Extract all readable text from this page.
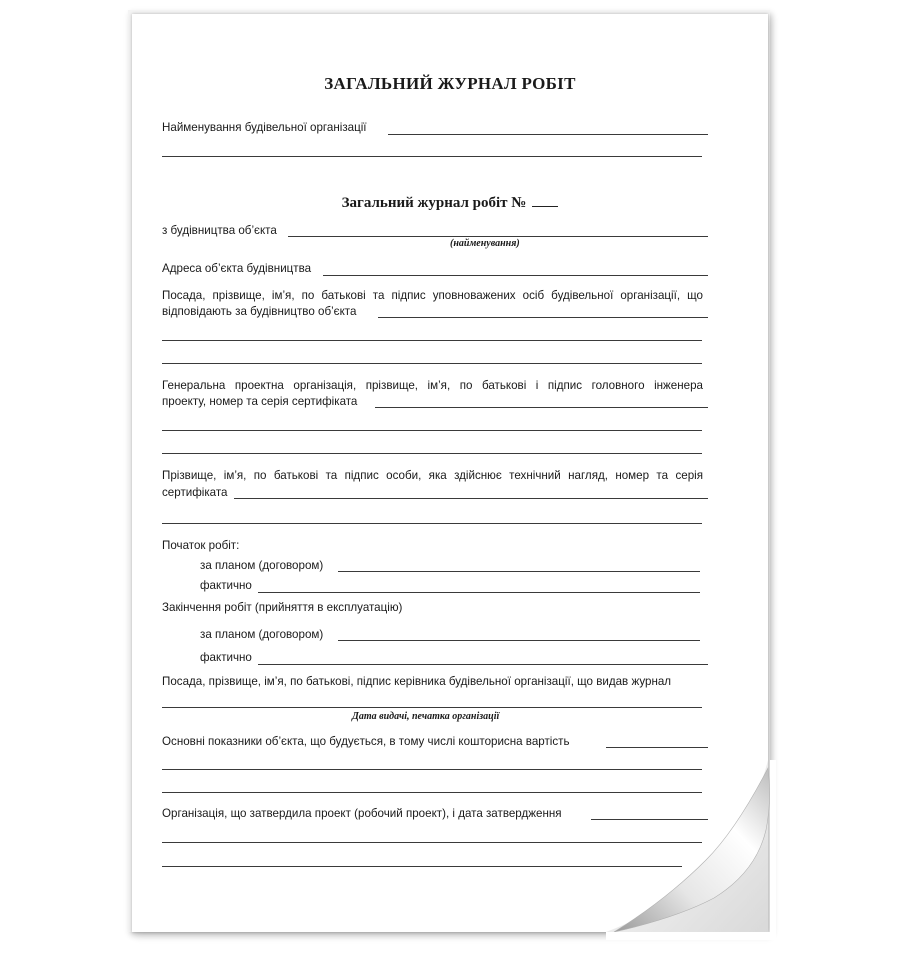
ЗАГАЛЬНИЙ ЖУРНАЛ РОБІТ
Найменування будівельної організації
Загальний журнал робіт №
з будівництва об’єкта
(найменування)
Адреса об’єкта будівництва
Посада, прізвище, ім’я, по батькові та підпис уповноважених осіб будівельної організації, що
відповідають за будівництво об’єкта
Генеральна проектна організація, прізвище, ім’я, по батькові і підпис головного інженера
проекту, номер та серія сертифіката
Прізвище, ім’я, по батькові та підпис особи, яка здійснює технічний нагляд, номер та серія
сертифіката
Початок робіт:
за планом (договором)
фактично
Закінчення робіт (прийняття в експлуатацію)
за планом (договором)
фактично
Посада, прізвище, ім’я, по батькові, підпис керівника будівельної організації, що видав журнал
Дата видачі, печатка організації
Основні показники об’єкта, що будується, в тому числі кошторисна вартість
Організація, що затвердила проект (робочий проект), і дата затвердження
